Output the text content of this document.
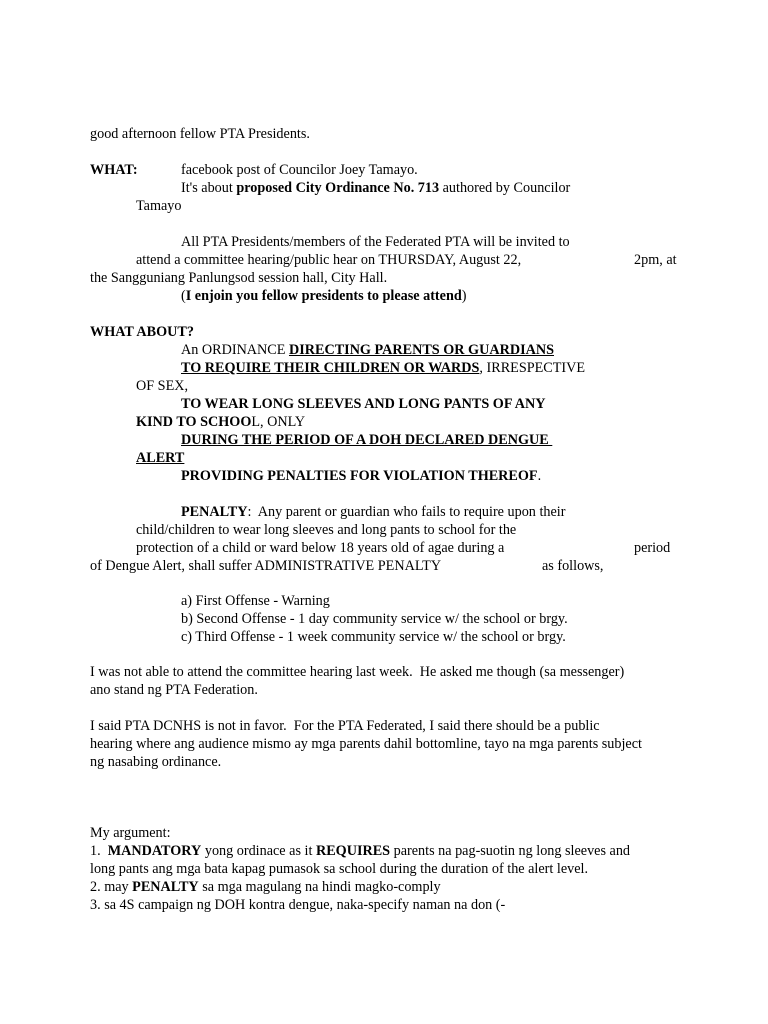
good afternoon fellow PTA Presidents.
WHAT:	facebook post of Councilor Joey Tamayo.
It's about proposed City Ordinance No. 713 authored by Councilor
Tamayo
All PTA Presidents/members of the Federated PTA will be invited to
attend a committee hearing/public hear on THURSDAY, August 22,	2pm, at
the Sangguniang Panlungsod session hall, City Hall.
(I enjoin you fellow presidents to please attend)
WHAT ABOUT?
An ORDINANCE DIRECTING PARENTS OR GUARDIANS
TO REQUIRE THEIR CHILDREN OR WARDS, IRRESPECTIVE
OF SEX,
TO WEAR LONG SLEEVES AND LONG PANTS OF ANY
KIND TO SCHOOL, ONLY
DURING THE PERIOD OF A DOH DECLARED DENGUE
ALERT
PROVIDING PENALTIES FOR VIOLATION THEREOF.
PENALTY:  Any parent or guardian who fails to require upon their
child/children to wear long sleeves and long pants to school for the
protection of a child or ward below 18 years old of agae during a	period
of Dengue Alert, shall suffer ADMINISTRATIVE PENALTY	as follows,
a) First Offense - Warning
b) Second Offense - 1 day community service w/ the school or brgy.
c) Third Offense - 1 week community service w/ the school or brgy.
I was not able to attend the committee hearing last week.  He asked me though (sa messenger)
ano stand ng PTA Federation.
I said PTA DCNHS is not in favor.  For the PTA Federated, I said there should be a public
hearing where ang audience mismo ay mga parents dahil bottomline, tayo na mga parents subject
ng nasabing ordinance.
My argument:
1.  MANDATORY yong ordinace as it REQUIRES parents na pag-suotin ng long sleeves and
long pants ang mga bata kapag pumasok sa school during the duration of the alert level.
2. may PENALTY sa mga magulang na hindi magko-comply
3. sa 4S campaign ng DOH kontra dengue, naka-specify naman na don (-
